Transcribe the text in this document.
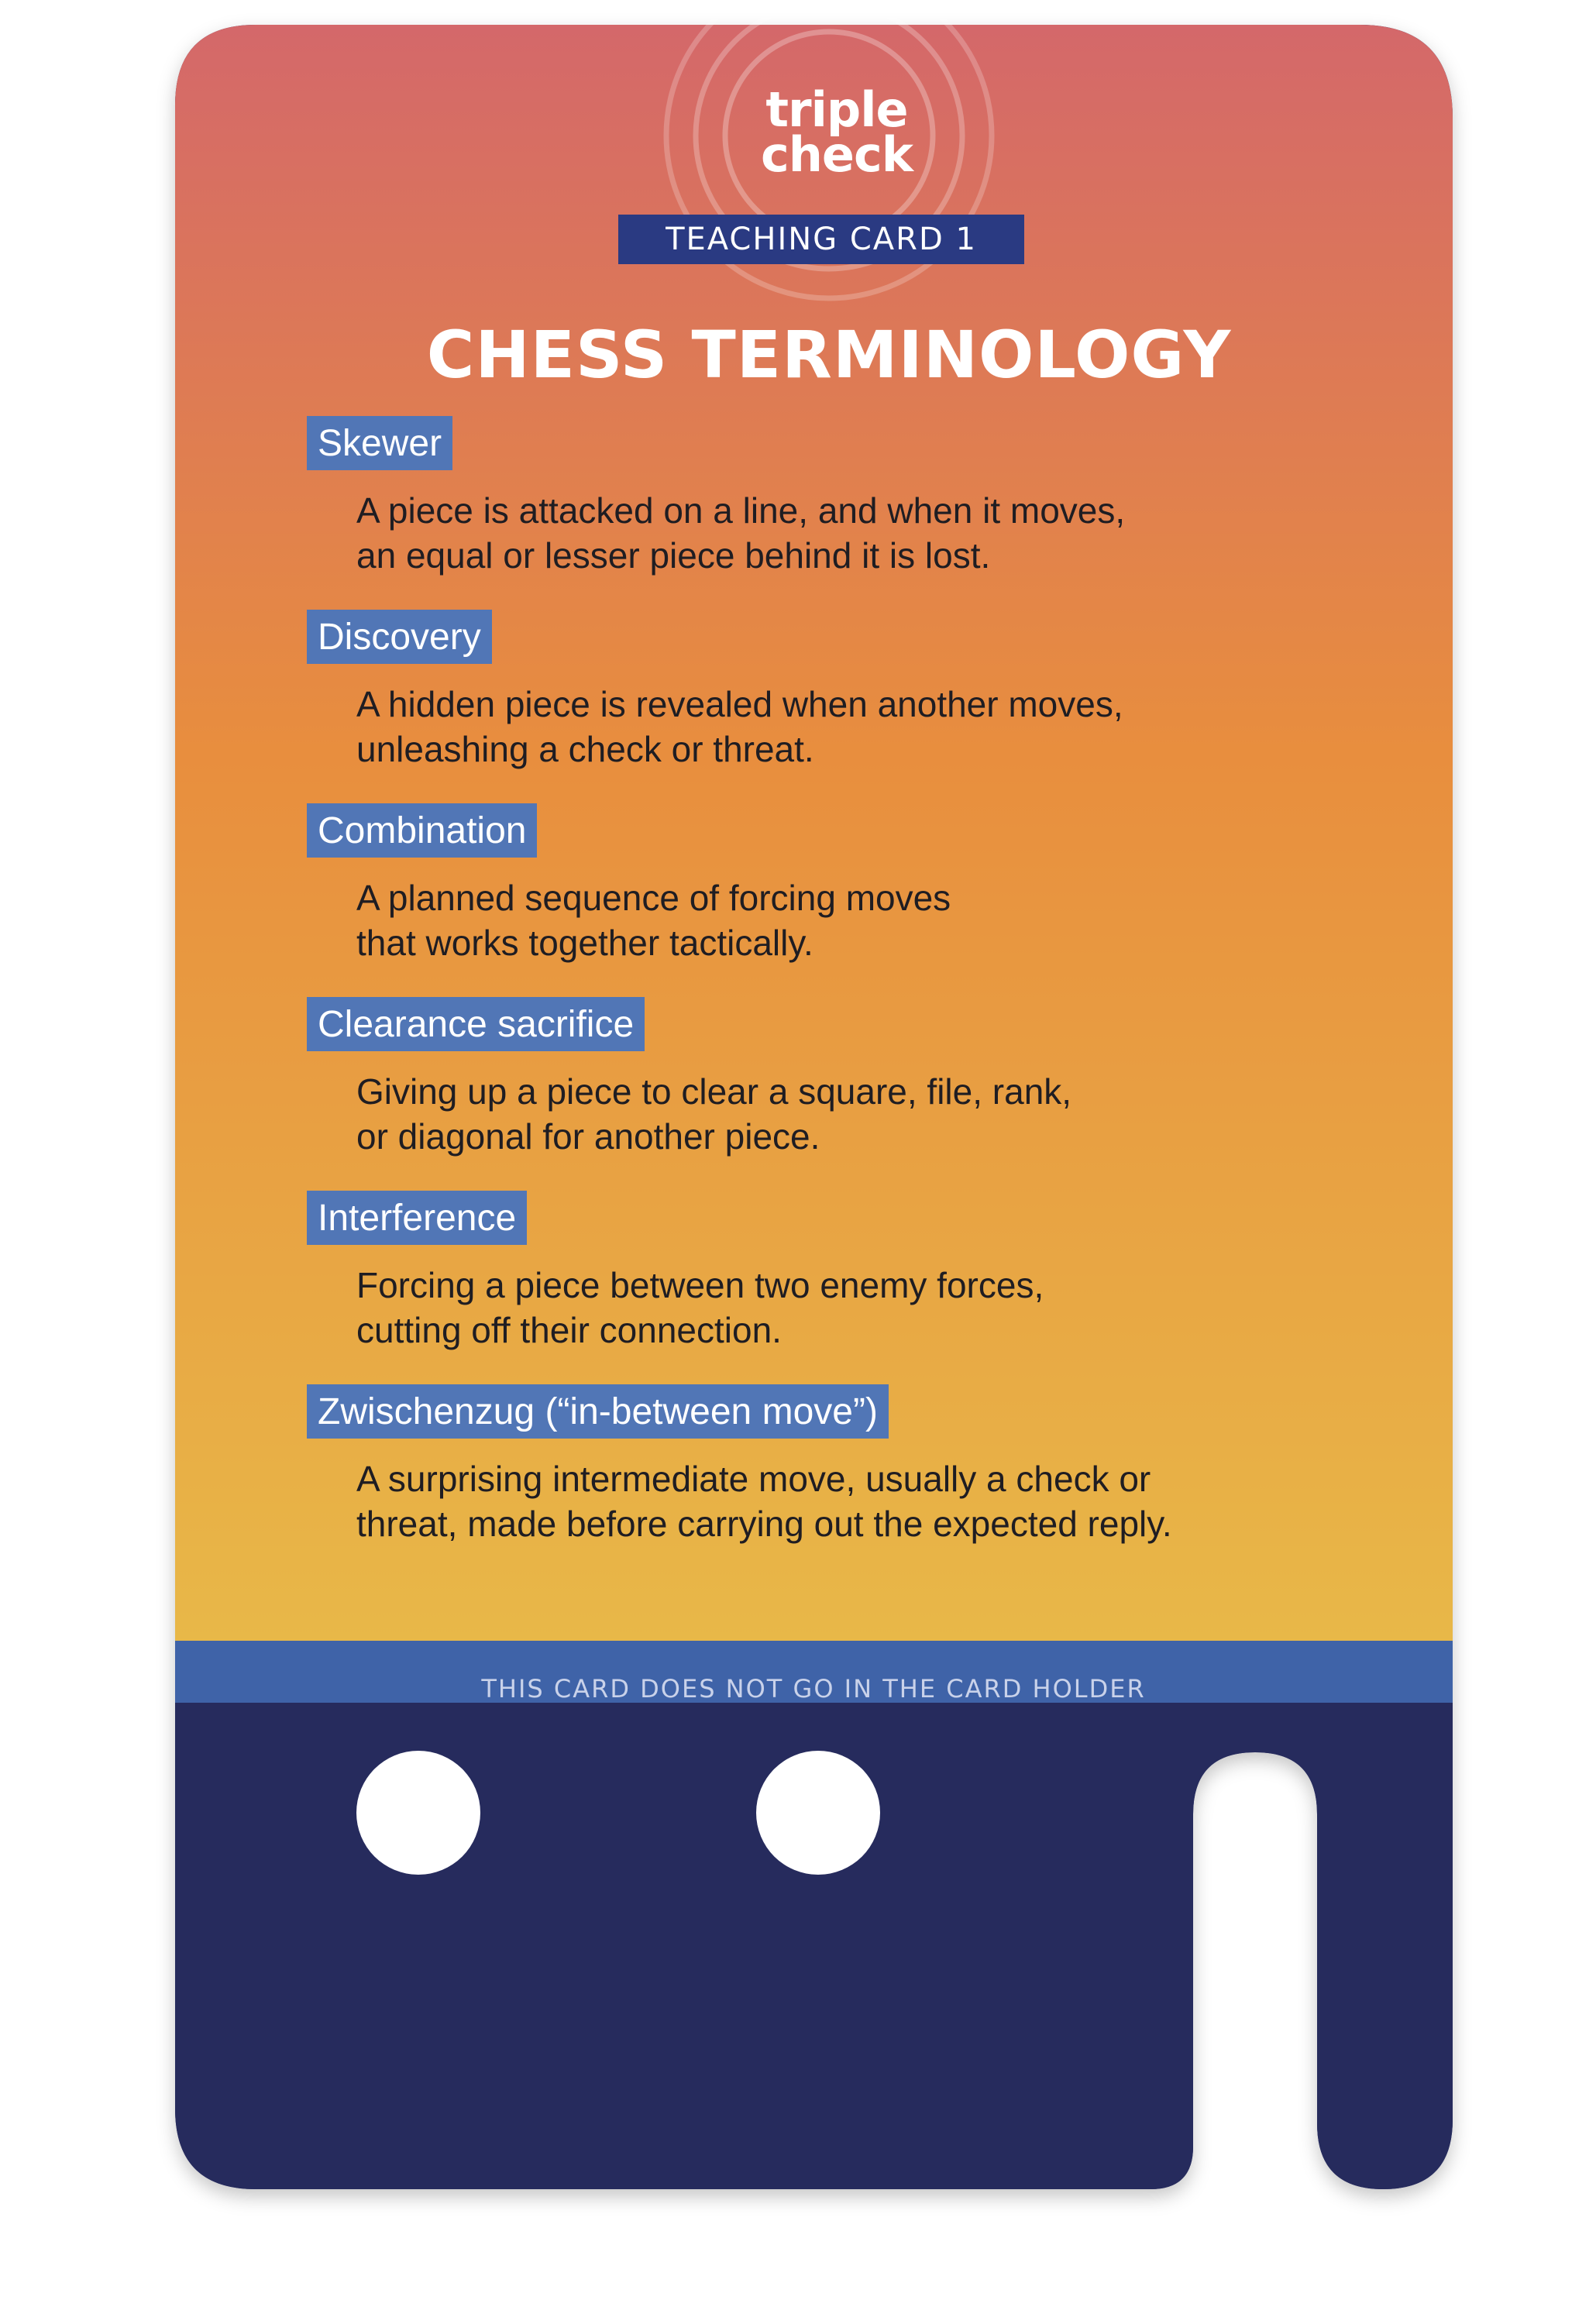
triple
check
TEACHING CARD 1
CHESS TERMINOLOGY
Skewer
A piece is attacked on a line, and when it moves,
an equal or lesser piece behind it is lost.
Discovery
A hidden piece is revealed when another moves,
unleashing a check or threat.
Combination
A planned sequence of forcing moves
that works together tactically.
Clearance sacrifice
Giving up a piece to clear a square, file, rank,
or diagonal for another piece.
Interference
Forcing a piece between two enemy forces,
cutting off their connection.
Zwischenzug (“in-between move”)
A surprising intermediate move, usually a check or
threat, made before carrying out the expected reply.
THIS CARD DOES NOT GO IN THE CARD HOLDER
